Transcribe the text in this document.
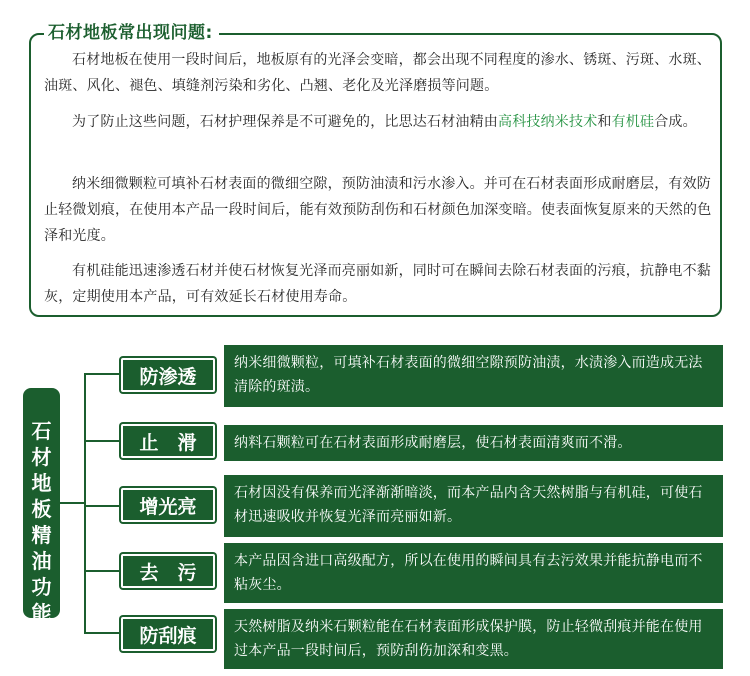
石材地板常出现问题:
石材地板在使用一段时间后，地板原有的光泽会变暗，都会出现不同程度的渗水、锈斑、污斑、水斑、油斑、风化、褪色、填缝剂污染和劣化、凸翘、老化及光泽磨损等问题。
为了防止这些问题，石材护理保养是不可避免的，比思达石材油精由高科技纳米技术和有机硅合成。
纳米细微颗粒可填补石材表面的微细空隙，预防油渍和污水渗入。并可在石材表面形成耐磨层，有效防止轻微划痕，在使用本产品一段时间后，能有效预防刮伤和石材颜色加深变暗。使表面恢复原来的天然的色泽和光度。
有机硅能迅速渗透石材并使石材恢复光泽而亮丽如新，同时可在瞬间去除石材表面的污痕，抗静电不黏灰，定期使用本产品，可有效延长石材使用寿命。
石
材
地
板
精
油
功
能
防渗透
纳米细微颗粒，可填补石材表面的微细空隙预防油渍，水渍渗入而造成无法清除的斑渍。
止　滑	纳料石颗粒可在石材表面形成耐磨层，使石材表面清爽而不滑。
增光亮
石材因没有保养而光泽渐渐暗淡，而本产品内含天然树脂与有机硅，可使石材迅速吸收并恢复光泽而亮丽如新。
去　污
本产品因含进口高级配方，所以在使用的瞬间具有去污效果并能抗静电而不粘灰尘。
防刮痕	天然树脂及纳米石颗粒能在石材表面形成保护膜，防止轻微刮痕并能在使用过本产品一段时间后，预防刮伤加深和变黑。
